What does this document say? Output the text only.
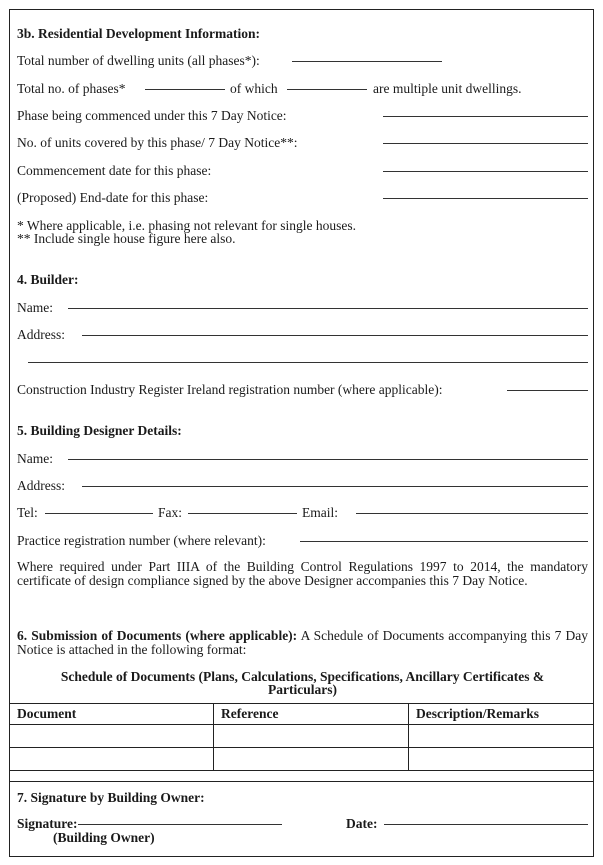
3b. Residential Development Information:
Total number of dwelling units (all phases*):
Total no. of phases*	of which	are multiple unit dwellings.
Phase being commenced under this 7 Day Notice:
No. of units covered by this phase/ 7 Day Notice**:
Commencement date for this phase:
(Proposed) End-date for this phase:
* Where applicable, i.e. phasing not relevant for single houses.
** Include single house figure here also.
4. Builder:
Name:
Address:
Construction Industry Register Ireland registration number (where applicable):
5. Building Designer Details:
Name:
Address:
Tel:	Fax:	Email:
Practice registration number (where relevant):
Where required under Part IIIA of the Building Control Regulations 1997 to 2014, the mandatory certificate of design compliance signed by the above Designer accompanies this 7 Day Notice.
6. Submission of Documents (where applicable): A Schedule of Documents accompanying this 7 Day Notice is attached in the following format:
Schedule of Documents (Plans, Calculations, Specifications, Ancillary Certificates &
Particulars)
Document	Reference	Description/Remarks

7. Signature by Building Owner:
Signature:
(Building Owner)
Date:
